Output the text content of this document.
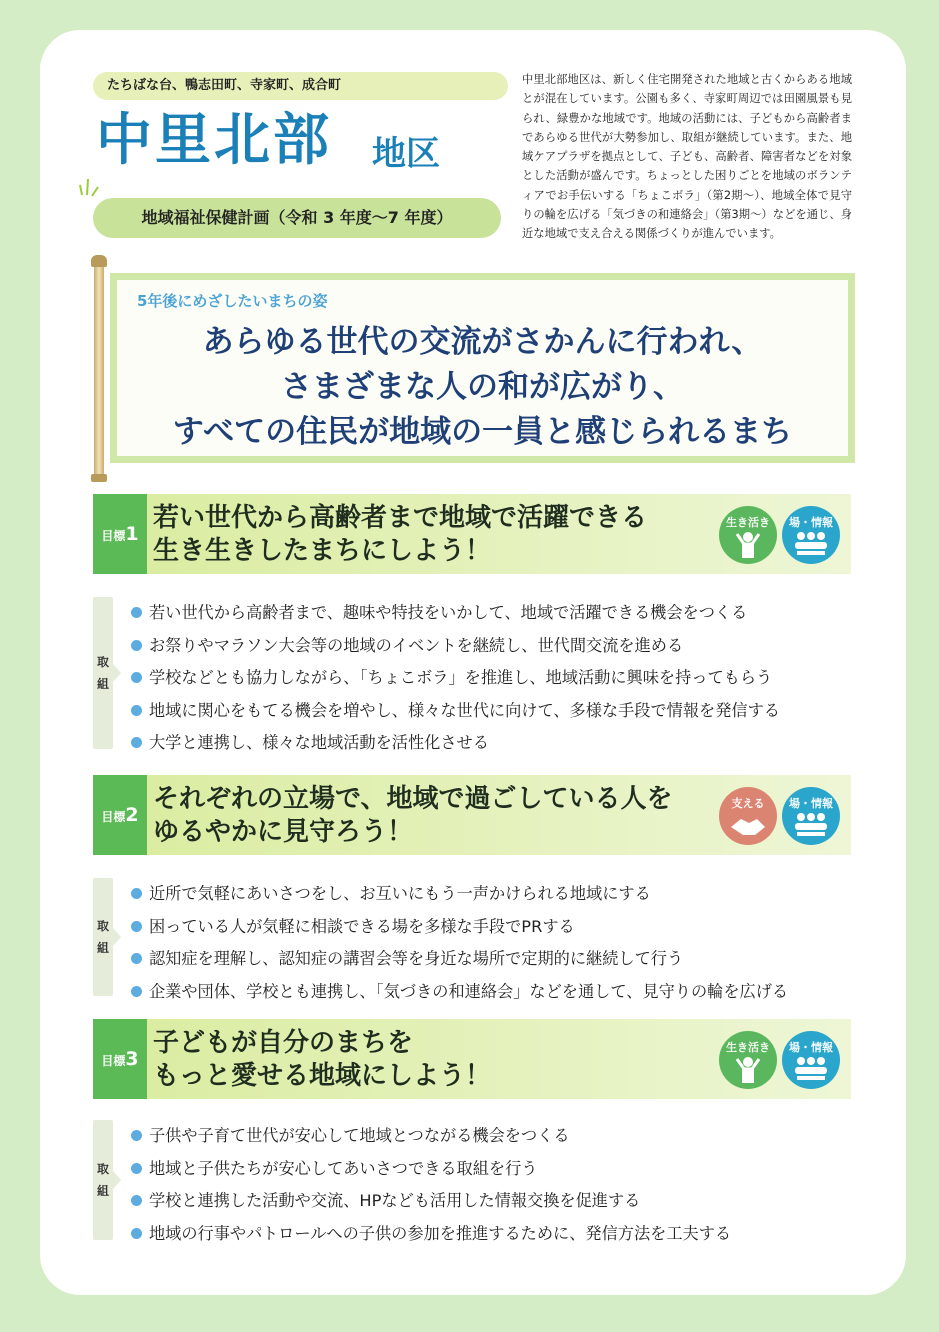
たちばな台、鴨志田町、寺家町、成合町
中里北部 地区
地域福祉保健計画（令和 3 年度～7 年度）
中里北部地区は、新しく住宅開発された地域と古くからある地域とが混在しています。公園も多く、寺家町周辺では田園風景も見られ、緑豊かな地域です。地域の活動には、子どもから高齢者まであらゆる世代が大勢参加し、取組が継続しています。また、地域ケアプラザを拠点として、子ども、高齢者、障害者などを対象とした活動が盛んです。ちょっとした困りごとを地域のボランティアでお手伝いする「ちょこボラ」（第2期～）、地域全体で見守りの輪を広げる「気づきの和連絡会」（第3期～）などを通じ、身近な地域で支え合える関係づくりが進んでいます。
5年後にめざしたいまちの姿
あらゆる世代の交流がさかんに行われ、
さまざまな人の和が広がり、
すべての住民が地域の一員と感じられるまち
目標1
若い世代から高齢者まで地域で活躍できる
生き生きしたまちにしよう！
生き活き	場・情報
取
組
若い世代から高齢者まで、趣味や特技をいかして、地域で活躍できる機会をつくる
お祭りやマラソン大会等の地域のイベントを継続し、世代間交流を進める
学校などとも協力しながら、「ちょこボラ」を推進し、地域活動に興味を持ってもらう
地域に関心をもてる機会を増やし、様々な世代に向けて、多様な手段で情報を発信する
大学と連携し、様々な地域活動を活性化させる
目標2
それぞれの立場で、地域で過ごしている人を
ゆるやかに見守ろう！
支える	場・情報
取
組
近所で気軽にあいさつをし、お互いにもう一声かけられる地域にする
困っている人が気軽に相談できる場を多様な手段でPRする
認知症を理解し、認知症の講習会等を身近な場所で定期的に継続して行う
企業や団体、学校とも連携し、「気づきの和連絡会」などを通して、見守りの輪を広げる
目標3
子どもが自分のまちを
もっと愛せる地域にしよう！
生き活き	場・情報
取
組
子供や子育て世代が安心して地域とつながる機会をつくる
地域と子供たちが安心してあいさつできる取組を行う
学校と連携した活動や交流、HPなども活用した情報交換を促進する
地域の行事やパトロールへの子供の参加を推進するために、発信方法を工夫する
